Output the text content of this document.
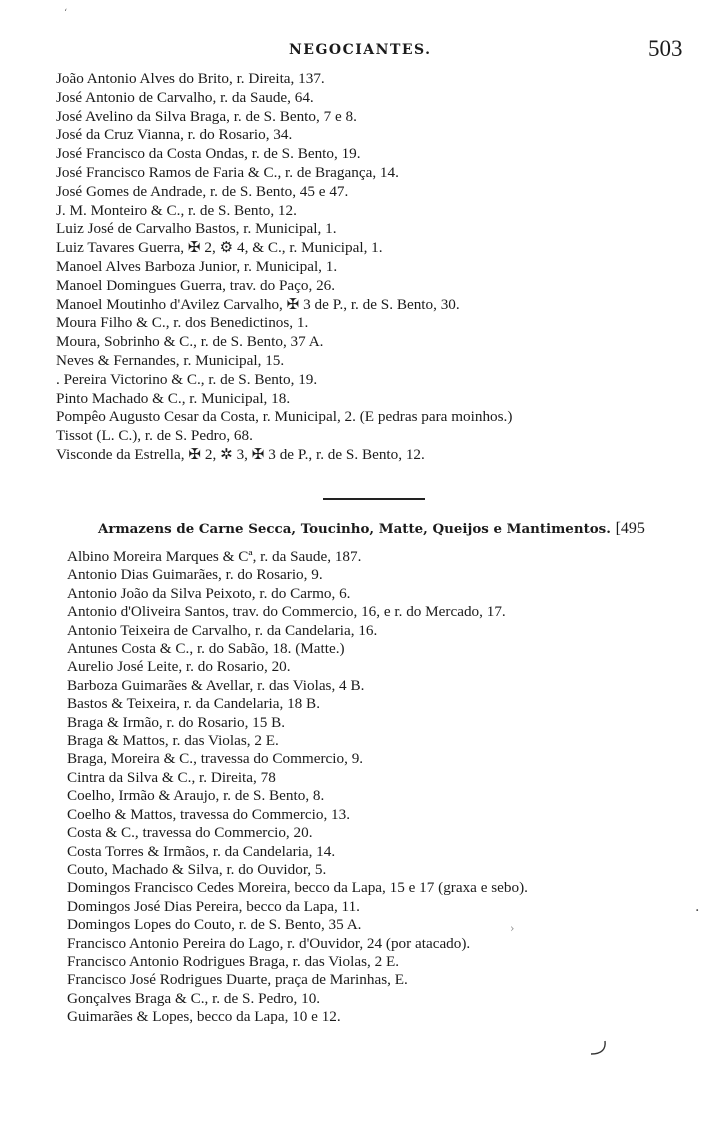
‘
NEGOCIANTES.	503
João Antonio Alves do Brito, r. Direita, 137.
José Antonio de Carvalho, r. da Saude, 64.
José Avelino da Silva Braga, r. de S. Bento, 7 e 8.
José da Cruz Vianna, r. do Rosario, 34.
José Francisco da Costa Ondas, r. de S. Bento, 19.
José Francisco Ramos de Faria & C., r. de Bragança, 14.
José Gomes de Andrade, r. de S. Bento, 45 e 47.
J. M. Monteiro & C., r. de S. Bento, 12.
Luiz José de Carvalho Bastos, r. Municipal, 1.
Luiz Tavares Guerra, ✠ 2, ⚙ 4, & C., r. Municipal, 1.
Manoel Alves Barboza Junior, r. Municipal, 1.
Manoel Domingues Guerra, trav. do Paço, 26.
Manoel Moutinho d'Avilez Carvalho, ✠ 3 de P., r. de S. Bento, 30.
Moura Filho & C., r. dos Benedictinos, 1.
Moura, Sobrinho & C., r. de S. Bento, 37 A.
Neves & Fernandes, r. Municipal, 15.
. Pereira Victorino & C., r. de S. Bento, 19.
Pinto Machado & C., r. Municipal, 18.
Pompêo Augusto Cesar da Costa, r. Municipal, 2. (E pedras para moinhos.)
Tissot (L. C.), r. de S. Pedro, 68.
Visconde da Estrella, ✠ 2, ✲ 3, ✠ 3 de P., r. de S. Bento, 12.
Armazens de Carne Secca, Toucinho, Matte, Queijos e Mantimentos. [495
Albino Moreira Marques & Cª, r. da Saude, 187.
Antonio Dias Guimarães, r. do Rosario, 9.
Antonio João da Silva Peixoto, r. do Carmo, 6.
Antonio d'Oliveira Santos, trav. do Commercio, 16, e r. do Mercado, 17.
Antonio Teixeira de Carvalho, r. da Candelaria, 16.
Antunes Costa & C., r. do Sabão, 18. (Matte.)
Aurelio José Leite, r. do Rosario, 20.
Barboza Guimarães & Avellar, r. das Violas, 4 B.
Bastos & Teixeira, r. da Candelaria, 18 B.
Braga & Irmão, r. do Rosario, 15 B.
Braga & Mattos, r. das Violas, 2 E.
Braga, Moreira & C., travessa do Commercio, 9.
Cintra da Silva & C., r. Direita, 78
Coelho, Irmão & Araujo, r. de S. Bento, 8.
Coelho & Mattos, travessa do Commercio, 13.
Costa & C., travessa do Commercio, 20.
Costa Torres & Irmãos, r. da Candelaria, 14.
Couto, Machado & Silva, r. do Ouvidor, 5.
Domingos Francisco Cedes Moreira, becco da Lapa, 15 e 17 (graxa e sebo).
Domingos José Dias Pereira, becco da Lapa, 11.
Domingos Lopes do Couto, r. de S. Bento, 35 A.
Francisco Antonio Pereira do Lago, r. d'Ouvidor, 24 (por atacado).
Francisco Antonio Rodrigues Braga, r. das Violas, 2 E.
Francisco José Rodrigues Duarte, praça de Marinhas, E.
Gonçalves Braga & C., r. de S. Pedro, 10.
Guimarães & Lopes, becco da Lapa, 10 e 12.
·
›
